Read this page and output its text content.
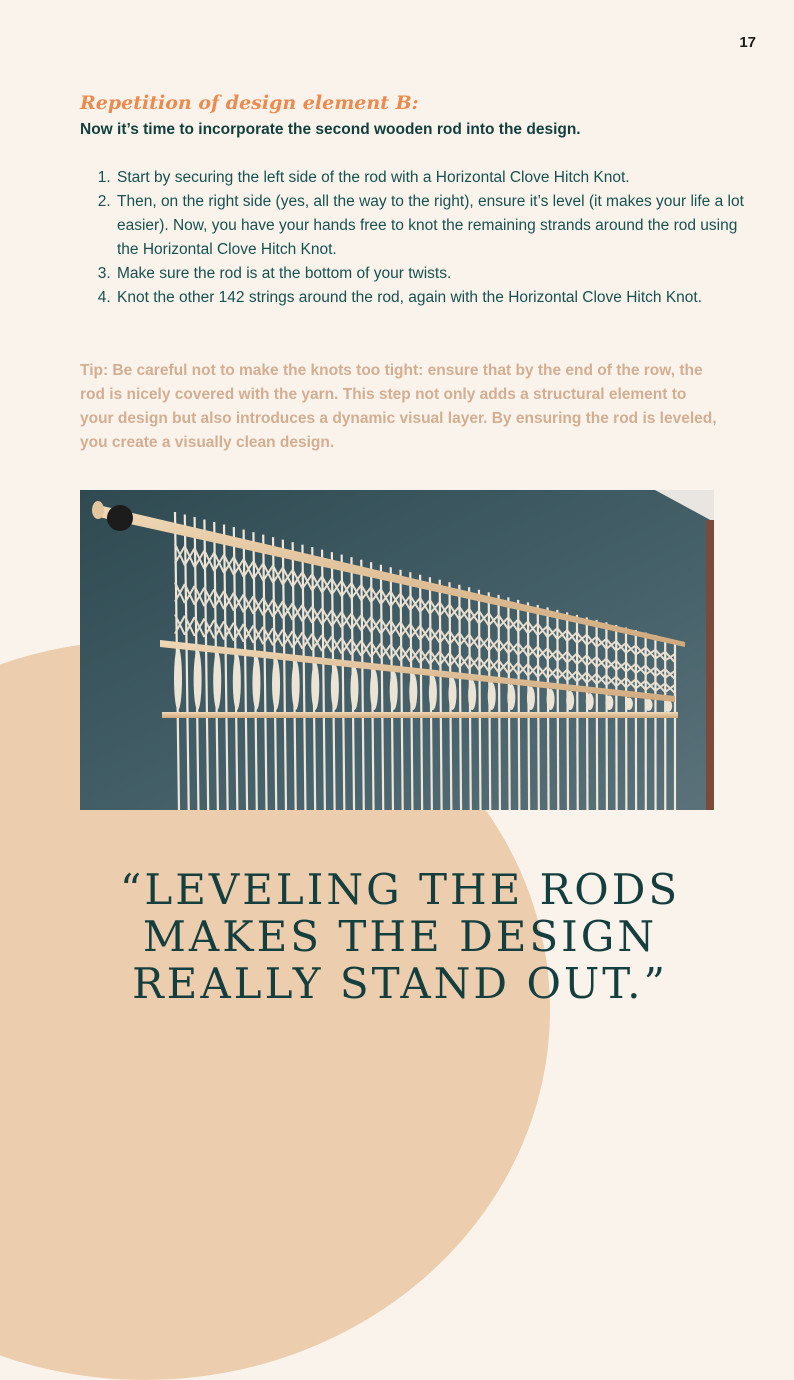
17
Repetition of design element B:
Now it’s time to incorporate the second wooden rod into the design.
1. Start by securing the left side of the rod with a Horizontal Clove Hitch Knot.
2. Then, on the right side (yes, all the way to the right), ensure it’s level (it makes your life a lot easier). Now, you have your hands free to knot the remaining strands around the rod using the Horizontal Clove Hitch Knot.
3. Make sure the rod is at the bottom of your twists.
4. Knot the other 142 strings around the rod, again with the Horizontal Clove Hitch Knot.
Tip: Be careful not to make the knots too tight: ensure that by the end of the row, the rod is nicely covered with the yarn. This step not only adds a structural element to your design but also introduces a dynamic visual layer. By ensuring the rod is leveled, you create a visually clean design.
“LEVELING THE RODS
MAKES THE DESIGN
REALLY STAND OUT.”
